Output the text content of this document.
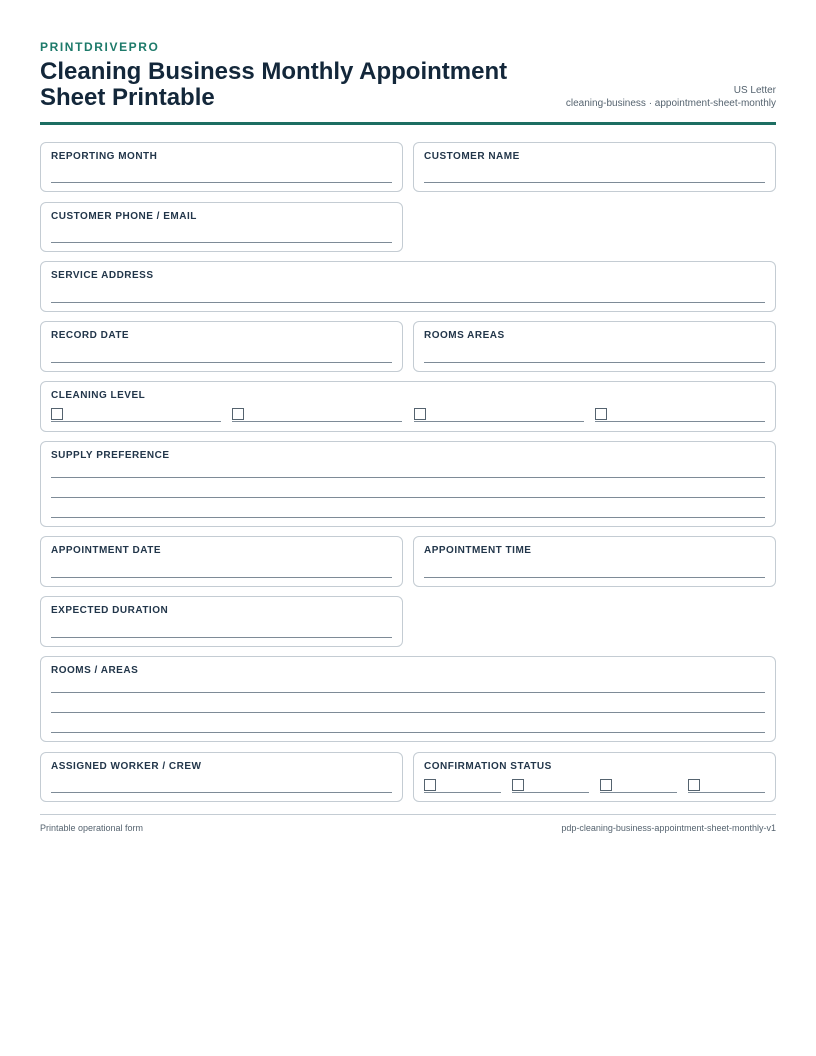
PRINTDRIVEPRO
Cleaning Business Monthly Appointment Sheet Printable	US Letter
cleaning-business · appointment-sheet-monthly
REPORTING MONTH	CUSTOMER NAME
CUSTOMER PHONE / EMAIL
SERVICE ADDRESS
RECORD DATE	ROOMS AREAS
CLEANING LEVEL
SUPPLY PREFERENCE
APPOINTMENT DATE	APPOINTMENT TIME
EXPECTED DURATION
ROOMS / AREAS
ASSIGNED WORKER / CREW	CONFIRMATION STATUS
Printable operational form	pdp-cleaning-business-appointment-sheet-monthly-v1
